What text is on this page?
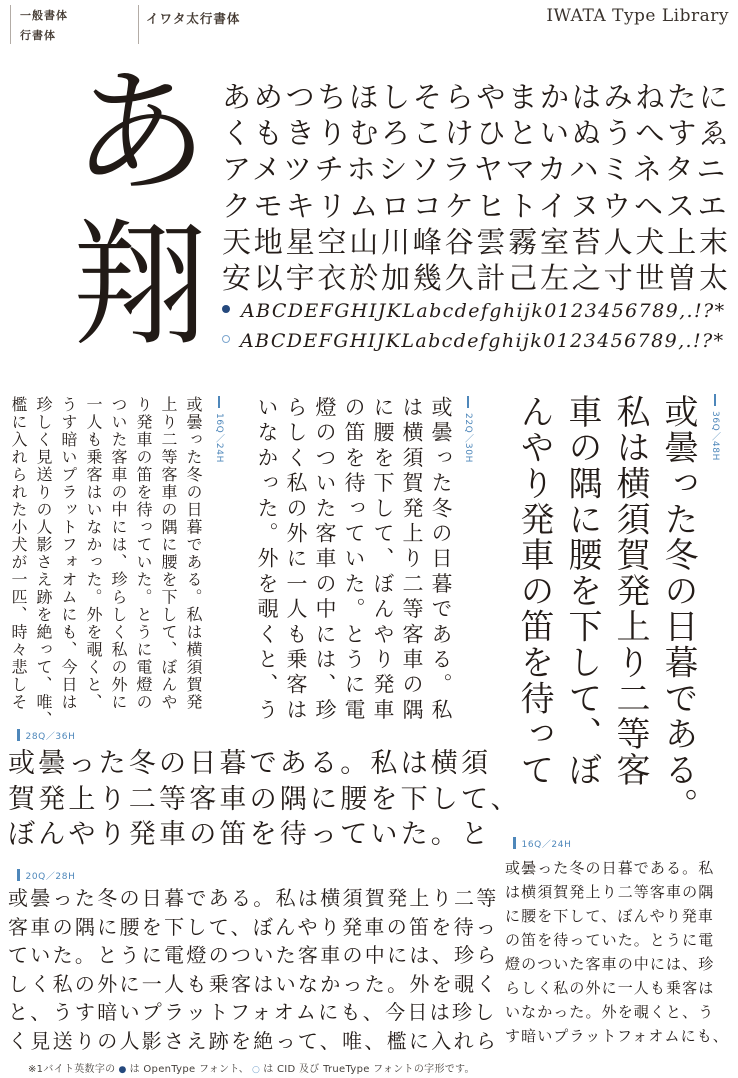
一般書体
行書体
イワタ太行書体	IWATA Type Library
あ
翔
あめつちほしそらやまかはみねたに
くもきりむろこけひといぬうへすゑ
アメツチホシソラヤマカハミネタニ
クモキリムロコケヒトイヌウヘスエ
天地星空山川峰谷雲霧室苔人犬上末
安以宇衣於加幾久計己左之寸世曽太
ABCDEFGHIJKLabcdefghijk0123456789,.!?*
ABCDEFGHIJKLabcdefghijk0123456789,.!?*
16Q／24H
或曇った冬の日暮である。私は横須賀発
上り二等客車の隅に腰を下して、ぼんや
り発車の笛を待っていた。とうに電燈の
ついた客車の中には、珍らしく私の外に
一人も乗客はいなかった。外を覗くと、
うす暗いプラットフォオムにも、今日は
珍しく見送りの人影さえ跡を絶って、唯、
檻に入れられた小犬が一匹、時々悲しそ	22Q／30H
或曇った冬の日暮である。私
は横須賀発上り二等客車の隅
に腰を下して、ぼんやり発車
の笛を待っていた。とうに電
燈のついた客車の中には、珍
らしく私の外に一人も乗客は
いなかった。外を覗くと、う	36Q／48H
或曇った冬の日暮である。
私は横須賀発上り二等客
車の隅に腰を下して、ぼ
んやり発車の笛を待って
28Q／36H
或曇った冬の日暮である。私は横須
賀発上り二等客車の隅に腰を下して、
ぼんやり発車の笛を待っていた。と
20Q／28H
或曇った冬の日暮である。私は横須賀発上り二等
客車の隅に腰を下して、ぼんやり発車の笛を待っ
ていた。とうに電燈のついた客車の中には、珍ら
しく私の外に一人も乗客はいなかった。外を覗く
と、うす暗いプラットフォオムにも、今日は珍し
く見送りの人影さえ跡を絶って、唯、檻に入れら
16Q／24H
或曇った冬の日暮である。私
は横須賀発上り二等客車の隅
に腰を下して、ぼんやり発車
の笛を待っていた。とうに電
燈のついた客車の中には、珍
らしく私の外に一人も乗客は
いなかった。外を覗くと、う
す暗いプラットフォオムにも、
※1バイト英数字の ● は OpenType フォント、 ○ は CID 及び TrueType フォントの字形です。
